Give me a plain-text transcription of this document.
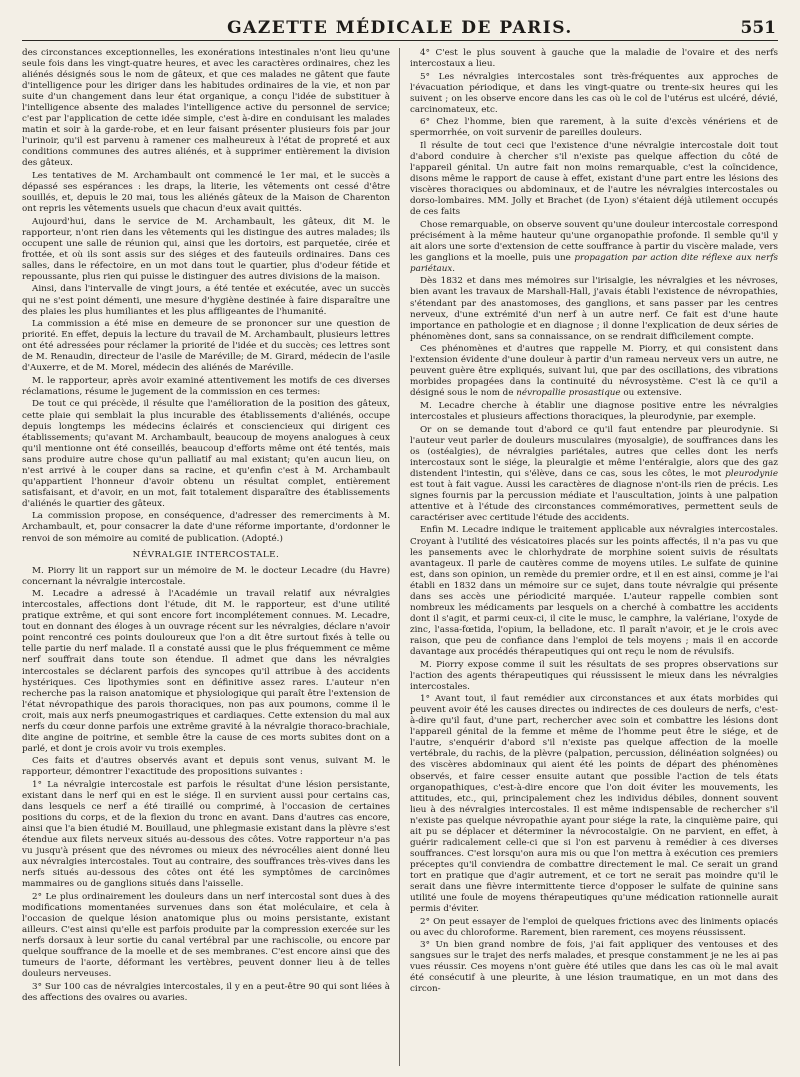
GAZETTE MÉDICALE DE PARIS.	551

des circonstances exceptionnelles, les exonérations intestinales n'ont lieu qu'une seule fois dans les vingt-quatre heures, et avec les caractères ordinaires, chez les aliénés désignés sous le nom de gâteux, et que ces malades ne gâtent que faute d'intelligence pour les diriger dans les habitudes ordinaires de la vie, et non par suite d'un changement dans leur état organique, a conçu l'idée de substituer à l'intelligence absente des malades l'intelligence active du personnel de service; c'est par l'application de cette idée simple, c'est à-dire en conduisant les malades matin et soir à la garde-robe, et en leur faisant présenter plusieurs fois par jour l'urinoir, qu'il est parvenu à ramener ces malheureux à l'état de propreté et aux conditions communes des autres aliénés, et à supprimer entièrement la division des gâteux.

Les tentatives de M. Archambault ont commencé le 1er mai, et le succès a dépassé ses espérances : les draps, la literie, les vêtements ont cessé d'être souillés, et, depuis le 20 mai, tous les aliénés gâteux de la Maison de Charenton ont repris les vêtements usuels que chacun d'eux avait quittés.

Aujourd'hui, dans le service de M. Archambault, les gâteux, dit M. le rapporteur, n'ont rien dans les vêtements qui les distingue des autres malades; ils occupent une salle de réunion qui, ainsi que les dortoirs, est parquetée, cirée et frottée, et où ils sont assis sur des siéges et des fauteuils ordinaires. Dans ces salles, dans le réfectoire, en un mot dans tout le quartier, plus d'odeur fétide et repoussante, plus rien qui puisse le distinguer des autres divisions de la maison.

Ainsi, dans l'intervalle de vingt jours, a été tentée et exécutée, avec un succès qui ne s'est point démenti, une mesure d'hygiène destinée à faire disparaître une des plaies les plus humiliantes et les plus affligeantes de l'humanité.

La commission a été mise en demeure de se prononcer sur une question de priorité. En effet, depuis la lecture du travail de M. Archambault, plusieurs lettres ont été adressées pour réclamer la priorité de l'idée et du succès; ces lettres sont de M. Renaudin, directeur de l'asile de Maréville; de M. Girard, médecin de l'asile d'Auxerre, et de M. Morel, médecin des aliénés de Maréville.

M. le rapporteur, après avoir examiné attentivement les motifs de ces diverses réclamations, résume le jugement de la commission en ces termes:

De tout ce qui précède, il résulte que l'amélioration de la position des gâteux, cette plaie qui semblait la plus incurable des établissements d'aliénés, occupe depuis longtemps les médecins éclairés et consciencieux qui dirigent ces établissements; qu'avant M. Archambault, beaucoup de moyens analogues à ceux qu'il mentionne ont été conseillés, beaucoup d'efforts même ont été tentés, mais sans produire autre chose qu'un palliatif au mal existant; qu'en aucun lieu, on n'est arrivé à le couper dans sa racine, et qu'enfin c'est à M. Archambault qu'appartient l'honneur d'avoir obtenu un résultat complet, entièrement satisfaisant, et d'avoir, en un mot, fait totalement disparaître des établissements d'aliénés le quartier des gâteux.

La commission propose, en conséquence, d'adresser des remerciments à M. Archambault, et, pour consacrer la date d'une réforme importante, d'ordonner le renvoi de son mémoire au comité de publication. (Adopté.)

NÉVRALGIE INTERCOSTALE.

M. Piorry lit un rapport sur un mémoire de M. le docteur Lecadre (du Havre) concernant la névralgie intercostale.

M. Lecadre a adressé à l'Académie un travail relatif aux névralgies intercostales, affections dont l'étude, dit M. le rapporteur, est d'une utilité pratique extrême, et qui sont encore fort incomplétement connues. M. Lecadre, tout en donnant des éloges à un ouvrage récent sur les névralgies, déclare n'avoir point rencontré ces points douloureux que l'on a dit être surtout fixés à telle ou telle partie du nerf malade. Il a constaté aussi que le plus fréquemment ce même nerf souffrait dans toute son étendue. Il admet que dans les névralgies intercostales se déclarent parfois des syncopes qu'il attribue à des accidents hystériques. Ces lipothymies sont en définitive assez rares. L'auteur n'en recherche pas la raison anatomique et physiologique qui paraît être l'extension de l'état névropathique des parois thoraciques, non pas aux poumons, comme il le croit, mais aux nerfs pneumogastriques et cardiaques. Cette extension du mal aux nerfs du cœur donne parfois une extrême gravité à la névralgie thoraco-brachiale, dite angine de poitrine, et semble être la cause de ces morts subites dont on a parlé, et dont je crois avoir vu trois exemples.

Ces faits et d'autres observés avant et depuis sont venus, suivant M. le rapporteur, démontrer l'exactitude des propositions suivantes :

1° La névralgie intercostale est parfois le résultat d'une lésion persistante, existant dans le nerf qui en est le siége. Il en survient aussi pour certains cas, dans lesquels ce nerf a été tiraillé ou comprimé, à l'occasion de certaines positions du corps, et de la flexion du tronc en avant. Dans d'autres cas encore, ainsi que l'a bien étudié M. Bouillaud, une phlegmasie existant dans la plèvre s'est étendue aux filets nerveux situés au-dessous des côtes. Votre rapporteur n'a pas vu jusqu'à présent que des névromes ou mieux des névrocélies aient donné lieu aux névralgies intercostales. Tout au contraire, des souffrances très-vives dans les nerfs situés au-dessous des côtes ont été les symptômes de carcinômes mammaires ou de ganglions situés dans l'aisselle.

2° Le plus ordinairement les douleurs dans un nerf intercostal sont dues à des modifications momentanées survenues dans son état moléculaire, et cela à l'occasion de quelque lésion anatomique plus ou moins persistante, existant ailleurs. C'est ainsi qu'elle est parfois produite par la compression exercée sur les nerfs dorsaux à leur sortie du canal vertébral par une rachiscolie, ou encore par quelque souffrance de la moelle et de ses membranes. C'est encore ainsi que des tumeurs de l'aorte, déformant les vertèbres, peuvent donner lieu à de telles douleurs nerveuses.

3° Sur 100 cas de névralgies intercostales, il y en a peut-être 90 qui sont liées à des affections des ovaires ou avaries.

4° C'est le plus souvent à gauche que la maladie de l'ovaire et des nerfs intercostaux a lieu.

5° Les névralgies intercostales sont très-fréquentes aux approches de l'évacuation périodique, et dans les vingt-quatre ou trente-six heures qui les suivent ; on les observe encore dans les cas où le col de l'utérus est ulcéré, dévié, carcinomateux, etc.

6° Chez l'homme, bien que rarement, à la suite d'excès vénériens et de spermorrhée, on voit survenir de pareilles douleurs.

Il résulte de tout ceci que l'existence d'une névralgie intercostale doit tout d'abord conduire à chercher s'il n'existe pas quelque affection du côté de l'appareil génital. Un autre fait non moins remarquable, c'est la coïncidence, disons même le rapport de cause à effet, existant d'une part entre les lésions des viscères thoraciques ou abdominaux, et de l'autre les névralgies intercostales ou dorso-lombaires. MM. Jolly et Brachet (de Lyon) s'étaient déjà utilement occupés de ces faits

Chose remarquable, on observe souvent qu'une douleur intercostale correspond précisément à la même hauteur qu'une organopathie profonde. Il semble qu'il y ait alors une sorte d'extension de cette souffrance à partir du viscère malade, vers les ganglions et la moelle, puis une propagation par action dite réflexe aux nerfs pariétaux.

Dès 1832 et dans mes mémoires sur l'irisalgie, les névralgies et les névroses, bien avant les travaux de Marshall-Hall, j'avais établi l'existence de névropathies, s'étendant par des anastomoses, des ganglions, et sans passer par les centres nerveux, d'une extrémité d'un nerf à un autre nerf. Ce fait est d'une haute importance en pathologie et en diagnose ; il donne l'explication de deux séries de phénomènes dont, sans sa connaissance, on se rendrait difficilement compte.

Ces phénomènes et d'autres que rappelle M. Piorry, et qui consistent dans l'extension évidente d'une douleur à partir d'un rameau nerveux vers un autre, ne peuvent guère être expliqués, suivant lui, que par des oscillations, des vibrations morbides propagées dans la continuité du névrosystème. C'est là ce qu'il a désigné sous le nom de névropallie prosastique ou extensive.

M. Lecadre cherche à établir une diagnose positive entre les névralgies intercostales et plusieurs affections thoraciques, la pleurodynie, par exemple.

Or on se demande tout d'abord ce qu'il faut entendre par pleurodynie. Si l'auteur veut parler de douleurs musculaires (myosalgie), de souffrances dans les os (ostéalgies), de névralgies pariétales, autres que celles dont les nerfs intercostaux sont le siége, la pleuralgie et même l'entéralgie, alors que des gaz distendent l'intestin, qui s'élève, dans ce cas, sous les côtes, le mot pleurodynie est tout à fait vague. Aussi les caractères de diagnose n'ont-ils rien de précis. Les signes fournis par la percussion médiate et l'auscultation, joints à une palpation attentive et à l'étude des circonstances commémoratives, permettent seuls de caractériser avec certitude l'étude des accidents.

Enfin M. Lecadre indique le traitement applicable aux névralgies intercostales. Croyant à l'utilité des vésicatoires placés sur les points affectés, il n'a pas vu que les pansements avec le chlorhydrate de morphine soient suivis de résultats avantageux. Il parle de cautères comme de moyens utiles. Le sulfate de quinine est, dans son opinion, un remède du premier ordre, et il en est ainsi, comme je l'ai établi en 1832 dans un mémoire sur ce sujet, dans toute névralgie qui présente dans ses accès une périodicité marquée. L'auteur rappelle combien sont nombreux les médicaments par lesquels on a cherché à combattre les accidents dont il s'agit, et parmi ceux-ci, il cite le musc, le camphre, la valériane, l'oxyde de zinc, l'assa-fœtida, l'opium, la belladone, etc. Il paraît n'avoir, et je le crois avec raison, que peu de confiance dans l'emploi de tels moyens ; mais il en accorde davantage aux procédés thérapeutiques qui ont reçu le nom de révulsifs.

M. Piorry expose comme il suit les résultats de ses propres observations sur l'action des agents thérapeutiques qui réussissent le mieux dans les névralgies intercostales.

1° Avant tout, il faut remédier aux circonstances et aux états morbides qui peuvent avoir été les causes directes ou indirectes de ces douleurs de nerfs, c'est-à-dire qu'il faut, d'une part, rechercher avec soin et combattre les lésions dont l'appareil génital de la femme et même de l'homme peut être le siége, et de l'autre, s'enquérir d'abord s'il n'existe pas quelque affection de la moelle vertébrale, du rachis, de la plèvre (palpation, percussion, délinéation solgnées) ou des viscères abdominaux qui aient été les points de départ des phénomènes observés, et faire cesser ensuite autant que possible l'action de tels états organopathiques, c'est-à-dire encore que l'on doit éviter les mouvements, les attitudes, etc., qui, principalement chez les individus débiles, donnent souvent lieu à des névralgies intercostales. Il est même indispensable de rechercher s'il n'existe pas quelque névropathie ayant pour siége la rate, la cinquième paire, qui ait pu se déplacer et déterminer la névrocostalgie. On ne parvient, en effet, à guérir radicalement celle-ci que si l'on est parvenu à remédier à ces diverses souffrances. C'est lorsqu'on aura mis ou que l'on mettra à exécution ces premiers préceptes qu'il conviendra de combattre directement le mal. Ce serait un grand tort en pratique que d'agir autrement, et ce tort ne serait pas moindre qu'il le serait dans une fièvre intermittente tierce d'opposer le sulfate de quinine sans utilité une foule de moyens thérapeutiques qu'une médication rationnelle aurait permis d'éviter.

2° On peut essayer de l'emploi de quelques frictions avec des liniments opiacés ou avec du chloroforme. Rarement, bien rarement, ces moyens réussissent.

3° Un bien grand nombre de fois, j'ai fait appliquer des ventouses et des sangsues sur le trajet des nerfs malades, et presque constamment je ne les ai pas vues réussir. Ces moyens n'ont guère été utiles que dans les cas où le mal avait été consécutif à une pleurite, à une lésion traumatique, en un mot dans des circon-
